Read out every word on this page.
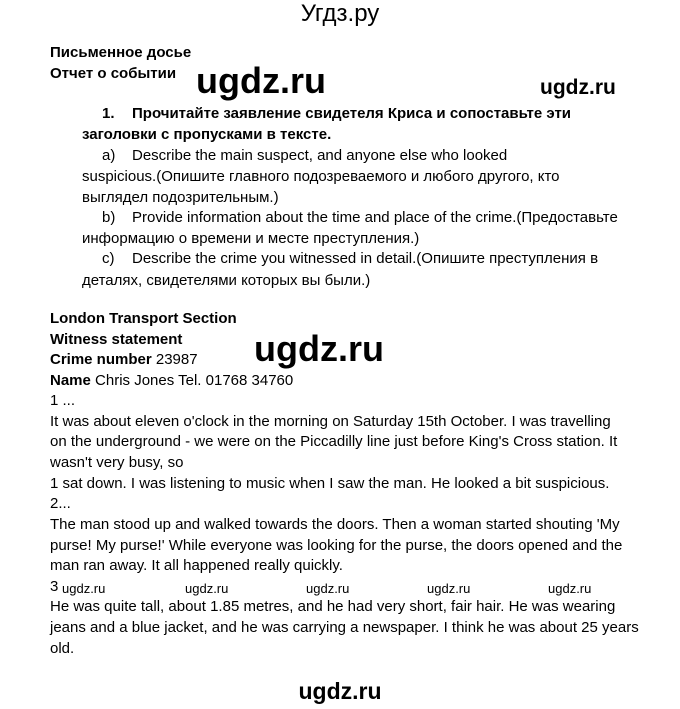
Угдз.ру
Письменное досье
Отчет о событии ugdz.ru	ugdz.ru
1. Прочитайте заявление свидетеля Криса и сопоставьте эти
заголовки с пропусками в тексте.
a) Describe the main suspect, and anyone else who looked
suspicious.(Опишите главного подозреваемого и любого другого, кто
выглядел подозрительным.)
b) Provide information about the time and place of the crime.(Предоставьте
информацию о времени и месте преступления.)
c) Describe the crime you witnessed in detail.(Опишите преступления в
деталях, свидетелями которых вы были.)
London Transport Section
Witness statement
Crime number 23987
Name Chris Jones Tel. 01768 34760
ugdz.ru
1 ...
It was about eleven o'clock in the morning on Saturday 15th October. I was travelling
on the underground - we were on the Piccadilly line just before King's Cross station. It
wasn't very busy, so
1 sat down. I was listening to music when I saw the man. He looked a bit suspicious.
2...
The man stood up and walked towards the doors. Then a woman started shouting 'My
purse! My purse!' While everyone was looking for the purse, the doors opened and the
man ran away. It all happened really quickly.
3 ugdz.ru	ugdz.ru	ugdz.ru	ugdz.ru	ugdz.ru
He was quite tall, about 1.85 metres, and he had very short, fair hair. He was wearing
jeans and a blue jacket, and he was carrying a newspaper. I think he was about 25 years
old.
ugdz.ru
